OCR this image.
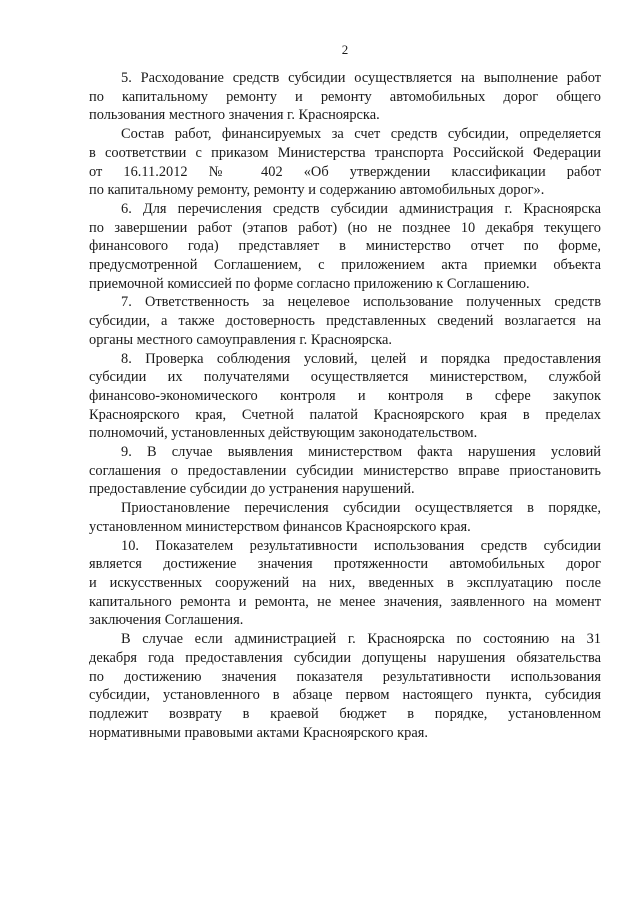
2

5. Расходование средств субсидии осуществляется на выполнение работ
по капитальному ремонту и ремонту автомобильных дорог общего
пользования местного значения г. Красноярска.

Состав работ, финансируемых за счет средств субсидии, определяется
в соответствии с приказом Министерства транспорта Российской Федерации
от 16.11.2012 № 402 «Об утверждении классификации работ
по капитальному ремонту, ремонту и содержанию автомобильных дорог».

6. Для перечисления средств субсидии администрация г. Красноярска
по завершении работ (этапов работ) (но не позднее 10 декабря текущего
финансового года) представляет в министерство отчет по форме,
предусмотренной Соглашением, с приложением акта приемки объекта
приемочной комиссией по форме согласно приложению к Соглашению.

7. Ответственность за нецелевое использование полученных средств
субсидии, а также достоверность представленных сведений возлагается на
органы местного самоуправления г. Красноярска.

8. Проверка соблюдения условий, целей и порядка предоставления
субсидии их получателями осуществляется министерством, службой
финансово-экономического контроля и контроля в сфере закупок
Красноярского края, Счетной палатой Красноярского края в пределах
полномочий, установленных действующим законодательством.

9. В случае выявления министерством факта нарушения условий
соглашения о предоставлении субсидии министерство вправе приостановить
предоставление субсидии до устранения нарушений.

Приостановление перечисления субсидии осуществляется в порядке,
установленном министерством финансов Красноярского края.

10. Показателем результативности использования средств субсидии
является достижение значения протяженности автомобильных дорог
и искусственных сооружений на них, введенных в эксплуатацию после
капитального ремонта и ремонта, не менее значения, заявленного на момент
заключения Соглашения.

В случае если администрацией г. Красноярска по состоянию на 31
декабря года предоставления субсидии допущены нарушения обязательства
по достижению значения показателя результативности использования
субсидии, установленного в абзаце первом настоящего пункта, субсидия
подлежит возврату в краевой бюджет в порядке, установленном
нормативными правовыми актами Красноярского края.
